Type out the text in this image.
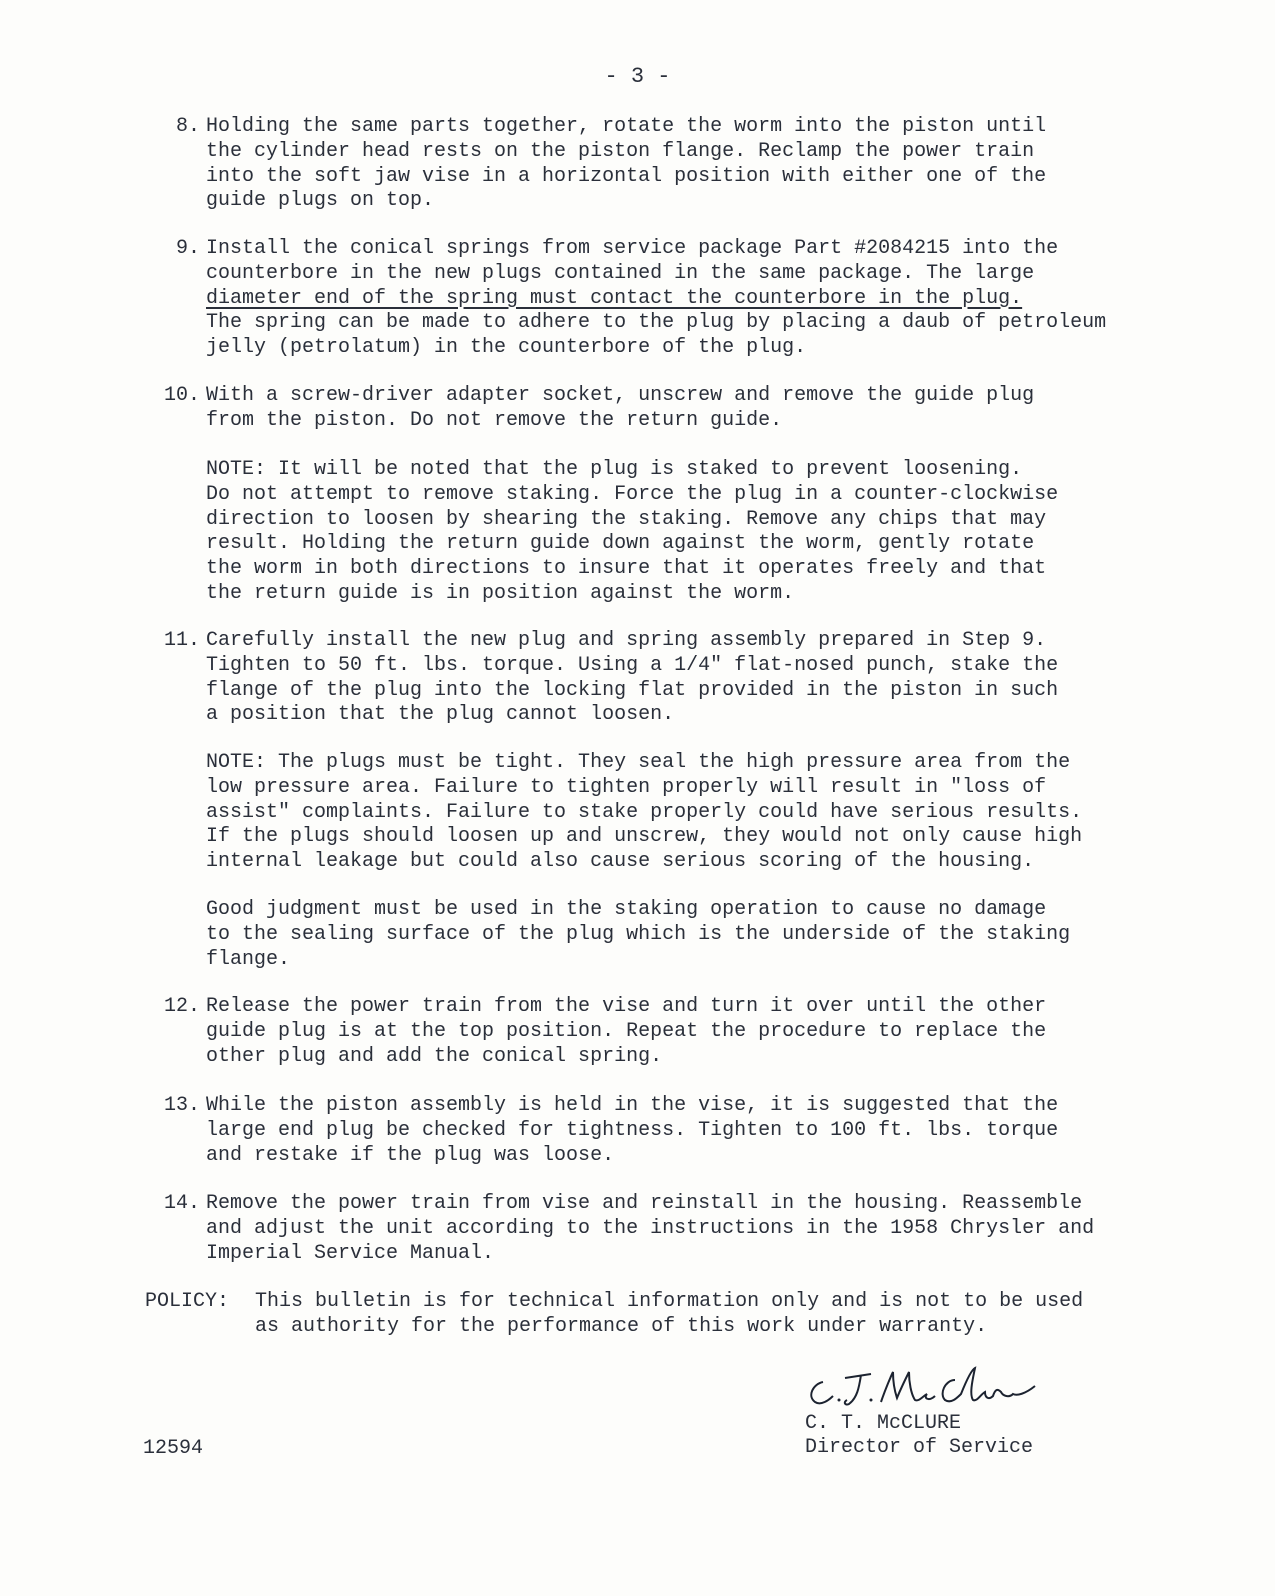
- 3 -
8. Holding the same parts together, rotate the worm into the piston until
the cylinder head rests on the piston flange. Reclamp the power train
into the soft jaw vise in a horizontal position with either one of the
guide plugs on top.
9. Install the conical springs from service package Part #2084215 into the
counterbore in the new plugs contained in the same package. The large
diameter end of the spring must contact the counterbore in the plug.
The spring can be made to adhere to the plug by placing a daub of petroleum
jelly (petrolatum) in the counterbore of the plug.
10. With a screw-driver adapter socket, unscrew and remove the guide plug
from the piston. Do not remove the return guide.
NOTE: It will be noted that the plug is staked to prevent loosening.
Do not attempt to remove staking. Force the plug in a counter-clockwise
direction to loosen by shearing the staking. Remove any chips that may
result. Holding the return guide down against the worm, gently rotate
the worm in both directions to insure that it operates freely and that
the return guide is in position against the worm.
11. Carefully install the new plug and spring assembly prepared in Step 9.
Tighten to 50 ft. lbs. torque. Using a 1/4" flat-nosed punch, stake the
flange of the plug into the locking flat provided in the piston in such
a position that the plug cannot loosen.
NOTE: The plugs must be tight. They seal the high pressure area from the
low pressure area. Failure to tighten properly will result in "loss of
assist" complaints. Failure to stake properly could have serious results.
If the plugs should loosen up and unscrew, they would not only cause high
internal leakage but could also cause serious scoring of the housing.
Good judgment must be used in the staking operation to cause no damage
to the sealing surface of the plug which is the underside of the staking
flange.
12. Release the power train from the vise and turn it over until the other
guide plug is at the top position. Repeat the procedure to replace the
other plug and add the conical spring.
13. While the piston assembly is held in the vise, it is suggested that the
large end plug be checked for tightness. Tighten to 100 ft. lbs. torque
and restake if the plug was loose.
14. Remove the power train from vise and reinstall in the housing. Reassemble
and adjust the unit according to the instructions in the 1958 Chrysler and
Imperial Service Manual.
POLICY: This bulletin is for technical information only and is not to be used
as authority for the performance of this work under warranty.
C. T. McCLURE
Director of Service
12594
